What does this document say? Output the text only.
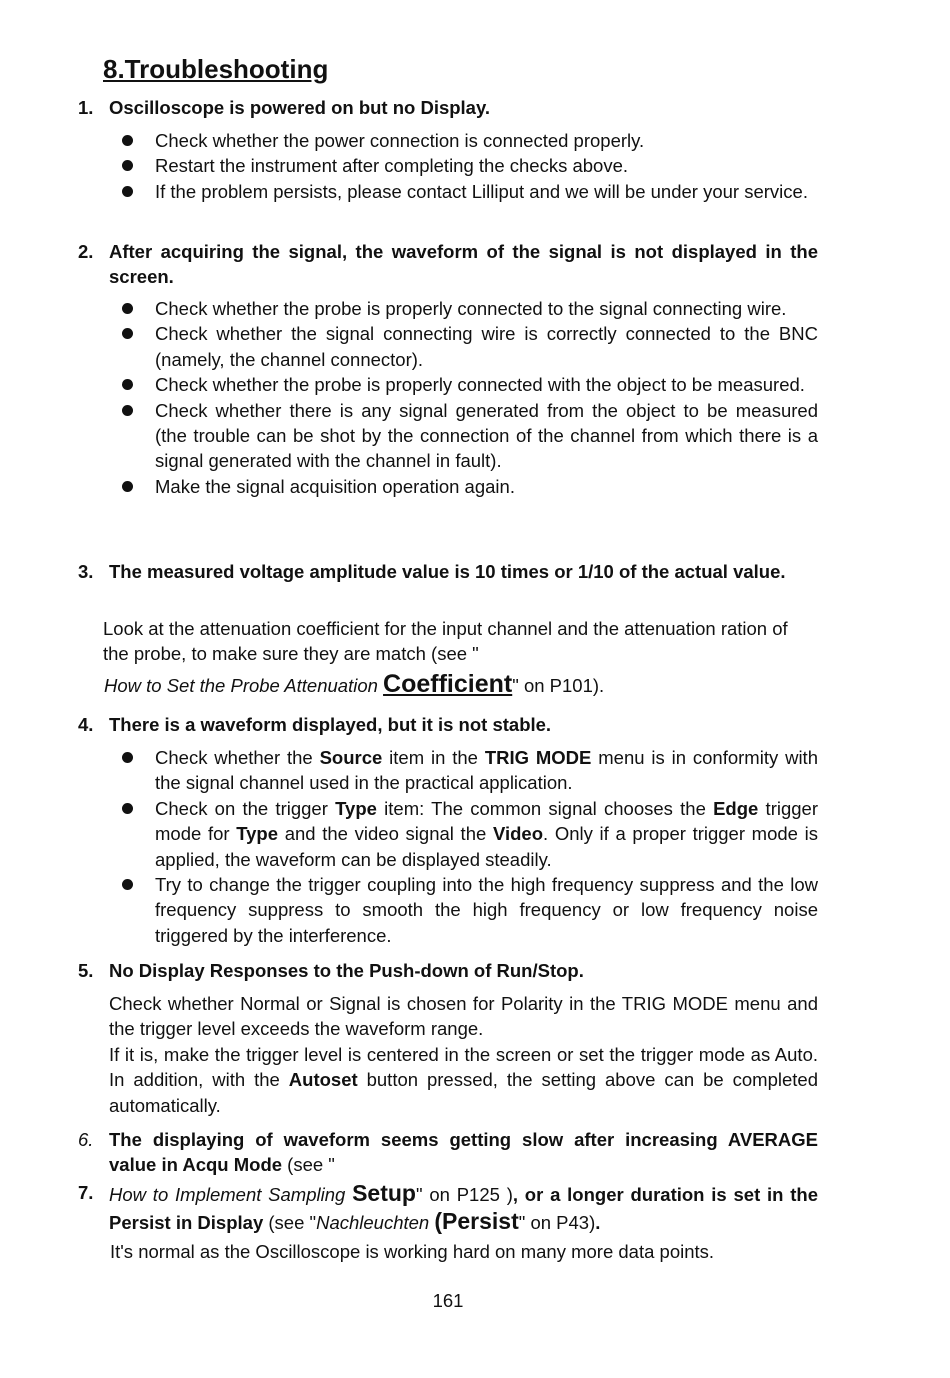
8.Troubleshooting
1. Oscilloscope is powered on but no Display.
Check whether the power connection is connected properly.
Restart the instrument after completing the checks above.
If the problem persists, please contact Lilliput and we will be under your service.
2. After acquiring the signal, the waveform of the signal is not displayed in the screen.
Check whether the probe is properly connected to the signal connecting wire.
Check whether the signal connecting wire is correctly connected to the BNC (namely, the channel connector).
Check whether the probe is properly connected with the object to be measured.
Check whether there is any signal generated from the object to be measured (the trouble can be shot by the connection of the channel from which there is a signal generated with the channel in fault).
Make the signal acquisition operation again.
3. The measured voltage amplitude value is 10 times or 1/10 of the actual value.
Look at the attenuation coefficient for the input channel and the attenuation ration of the probe, to make sure they are match (see "
How to Set the Probe Attenuation Coefficient" on P101).
4. There is a waveform displayed, but it is not stable.
Check whether the Source item in the TRIG MODE menu is in conformity with the signal channel used in the practical application.
Check on the trigger Type item: The common signal chooses the Edge trigger mode for Type and the video signal the Video. Only if a proper trigger mode is applied, the waveform can be displayed steadily.
Try to change the trigger coupling into the high frequency suppress and the low frequency suppress to smooth the high frequency or low frequency noise triggered by the interference.
5. No Display Responses to the Push-down of Run/Stop.
Check whether Normal or Signal is chosen for Polarity in the TRIG MODE menu and the trigger level exceeds the waveform range.
If it is, make the trigger level is centered in the screen or set the trigger mode as Auto. In addition, with the Autoset button pressed, the setting above can be completed automatically.
6. The displaying of waveform seems getting slow after increasing AVERAGE value in Acqu Mode (see "
7. How to Implement Sampling Setup" on P125 ), or a longer duration is set in the Persist in Display (see "Nachleuchten (Persist" on P43).
It's normal as the Oscilloscope is working hard on many more data points.
161
